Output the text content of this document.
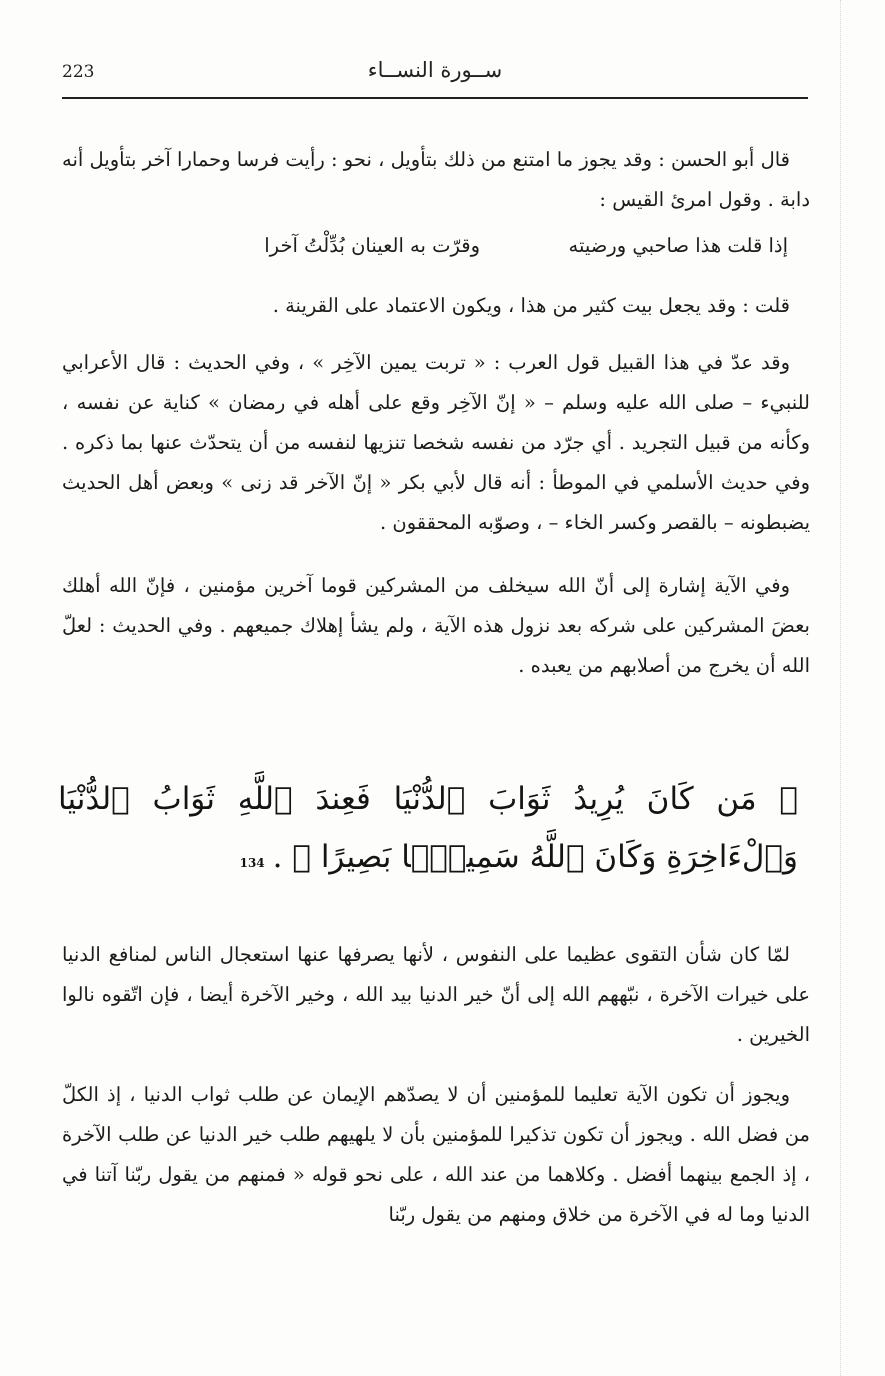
223	ســورة النســاء

قال أبو الحسن : وقد يجوز ما امتنع من ذلك بتأويل ، نحو : رأيت فرسا وحمارا آخر بتأويل أنه دابة . وقول امرئ القيس :

إذا قلت هذا صاحبي ورضيته
وقرّت به العينان بُدِّلْتُ آخرا

قلت : وقد يجعل بيت كثير من هذا ، ويكون الاعتماد على القرينة .

وقد عدّ في هذا القبيل قول العرب : « تربت يمين الآخِر » ، وفي الحديث : قال الأعرابي للنبيء – صلى الله عليه وسلم – « إنّ الآخِر وقع على أهله في رمضان » كناية عن نفسه ، وكأنه من قبيل التجريد . أي جرّد من نفسه شخصا تنزيها لنفسه من أن يتحدّث عنها بما ذكره . وفي حديث الأسلمي في الموطأ : أنه قال لأبي بكر « إنّ الآخر قد زنى » وبعض أهل الحديث يضبطونه – بالقصر وكسر الخاء – ، وصوّبه المحققون .

وفي الآية إشارة إلى أنّ الله سيخلف من المشركين قوما آخرين مؤمنين ، فإنّ الله أهلك بعضَ المشركين على شركه بعد نزول هذه الآية ، ولم يشأ إهلاك جميعهم . وفي الحديث : لعلّ الله أن يخرج من أصلابهم من يعبده .

﴿ مَن كَانَ يُرِيدُ ثَوَابَ ٱلدُّنْيَا فَعِندَ ٱللَّهِ ثَوَابُ ٱلدُّنْيَا وَٱلْءَاخِرَةِ وَكَانَ ٱللَّهُ سَمِيعًۢا بَصِيرًا ﴾ .134

لمّا كان شأن التقوى عظيما على النفوس ، لأنها يصرفها عنها استعجال الناس لمنافع الدنيا على خيرات الآخرة ، نبّههم الله إلى أنّ خير الدنيا بيد الله ، وخير الآخرة أيضا ، فإن اتّقوه نالوا الخيرين .

ويجوز أن تكون الآية تعليما للمؤمنين أن لا يصدّهم الإيمان عن طلب ثواب الدنيا ، إذ الكلّ من فضل الله . ويجوز أن تكون تذكيرا للمؤمنين بأن لا يلهيهم طلب خير الدنيا عن طلب الآخرة ، إذ الجمع بينهما أفضل . وكلاهما من عند الله ، على نحو قوله « فمنهم من يقول ربّنا آتنا في الدنيا وما له في الآخرة من خلاق ومنهم من يقول ربّنا
